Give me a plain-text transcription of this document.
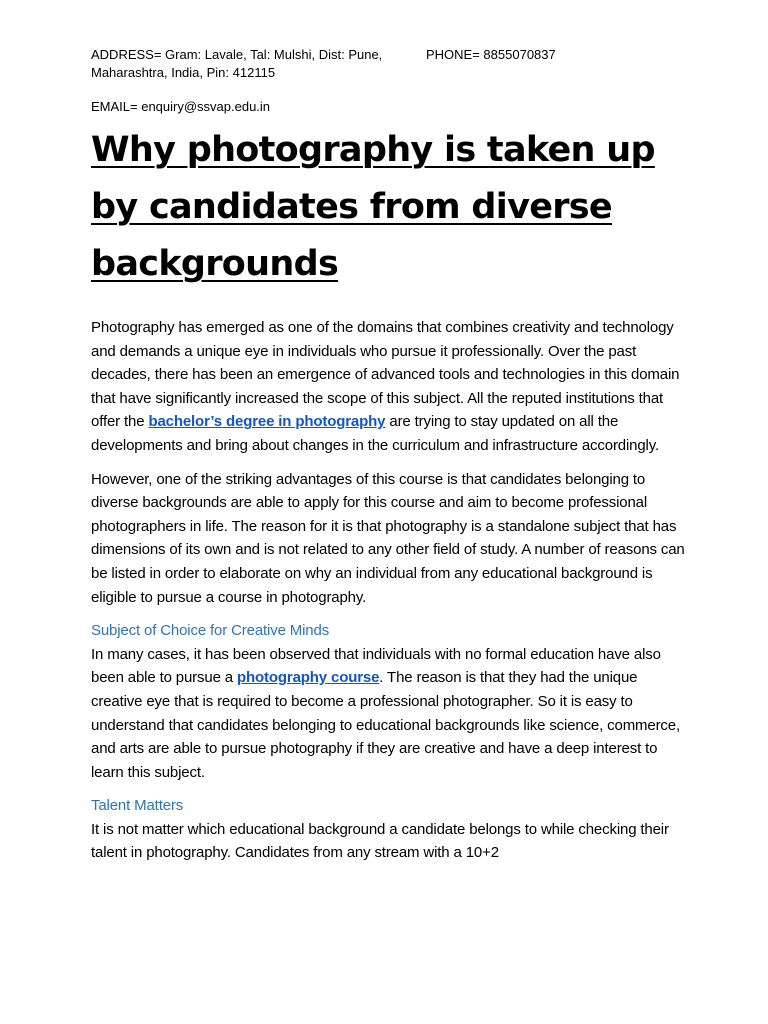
ADDRESS= Gram: Lavale, Tal: Mulshi, Dist: Pune,
Maharashtra, India, Pin: 412115
PHONE= 8855070837
EMAIL= enquiry@ssvap.edu.in
Why photography is taken up by candidates from diverse backgrounds

Photography has emerged as one of the domains that combines creativity and technology and demands a unique eye in individuals who pursue it professionally. Over the past decades, there has been an emergence of advanced tools and technologies in this domain that have significantly increased the scope of this subject. All the reputed institutions that offer the bachelor’s degree in photography are trying to stay updated on all the developments and bring about changes in the curriculum and infrastructure accordingly.

However, one of the striking advantages of this course is that candidates belonging to diverse backgrounds are able to apply for this course and aim to become professional photographers in life. The reason for it is that photography is a standalone subject that has dimensions of its own and is not related to any other field of study. A number of reasons can be listed in order to elaborate on why an individual from any educational background is eligible to pursue a course in photography.

Subject of Choice for Creative Minds

In many cases, it has been observed that individuals with no formal education have also been able to pursue a photography course. The reason is that they had the unique creative eye that is required to become a professional photographer. So it is easy to understand that candidates belonging to educational backgrounds like science, commerce, and arts are able to pursue photography if they are creative and have a deep interest to learn this subject.

Talent Matters

It is not matter which educational background a candidate belongs to while checking their talent in photography. Candidates from any stream with a 10+2
